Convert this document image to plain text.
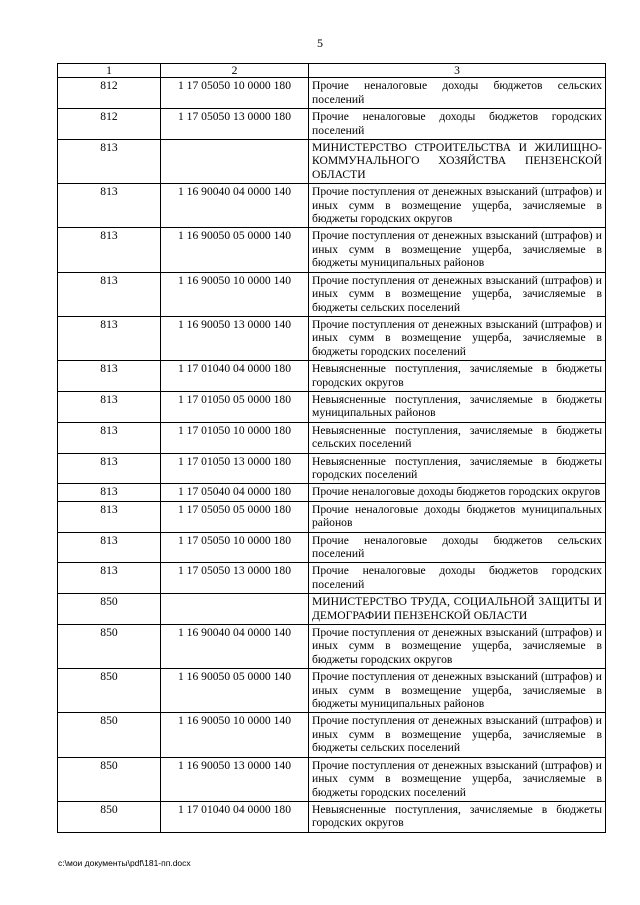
5
1	2	3
812	1 17 05050 10 0000 180	Прочие неналоговые доходы бюджетов сельских поселений
812	1 17 05050 13 0000 180	Прочие неналоговые доходы бюджетов городских поселений
813		МИНИСТЕРСТВО СТРОИТЕЛЬСТВА И ЖИЛИЩНО-КОММУНАЛЬНОГО ХОЗЯЙСТВА ПЕНЗЕНСКОЙ ОБЛАСТИ
813	1 16 90040 04 0000 140	Прочие поступления от денежных взысканий (штрафов) и иных сумм в возмещение ущерба, зачисляемые в бюджеты городских округов
813	1 16 90050 05 0000 140	Прочие поступления от денежных взысканий (штрафов) и иных сумм в возмещение ущерба, зачисляемые в бюджеты муниципальных районов
813	1 16 90050 10 0000 140	Прочие поступления от денежных взысканий (штрафов) и иных сумм в возмещение ущерба, зачисляемые в бюджеты сельских поселений
813	1 16 90050 13 0000 140	Прочие поступления от денежных взысканий (штрафов) и иных сумм в возмещение ущерба, зачисляемые в бюджеты городских поселений
813	1 17 01040 04 0000 180	Невыясненные поступления, зачисляемые в бюджеты городских округов
813	1 17 01050 05 0000 180	Невыясненные поступления, зачисляемые в бюджеты муниципальных районов
813	1 17 01050 10 0000 180	Невыясненные поступления, зачисляемые в бюджеты сельских поселений
813	1 17 01050 13 0000 180	Невыясненные поступления, зачисляемые в бюджеты городских поселений
813	1 17 05040 04 0000 180	Прочие неналоговые доходы бюджетов городских округов
813	1 17 05050 05 0000 180	Прочие неналоговые доходы бюджетов муниципальных районов
813	1 17 05050 10 0000 180	Прочие неналоговые доходы бюджетов сельских поселений
813	1 17 05050 13 0000 180	Прочие неналоговые доходы бюджетов городских поселений
850		МИНИСТЕРСТВО ТРУДА, СОЦИАЛЬНОЙ ЗАЩИТЫ И ДЕМОГРАФИИ ПЕНЗЕНСКОЙ ОБЛАСТИ
850	1 16 90040 04 0000 140	Прочие поступления от денежных взысканий (штрафов) и иных сумм в возмещение ущерба, зачисляемые в бюджеты городских округов
850	1 16 90050 05 0000 140	Прочие поступления от денежных взысканий (штрафов) и иных сумм в возмещение ущерба, зачисляемые в бюджеты муниципальных районов
850	1 16 90050 10 0000 140	Прочие поступления от денежных взысканий (штрафов) и иных сумм в возмещение ущерба, зачисляемые в бюджеты сельских поселений
850	1 16 90050 13 0000 140	Прочие поступления от денежных взысканий (штрафов) и иных сумм в возмещение ущерба, зачисляемые в бюджеты городских поселений
850	1 17 01040 04 0000 180	Невыясненные поступления, зачисляемые в бюджеты городских округов
c:\мои документы\pdf\181-пп.docx
